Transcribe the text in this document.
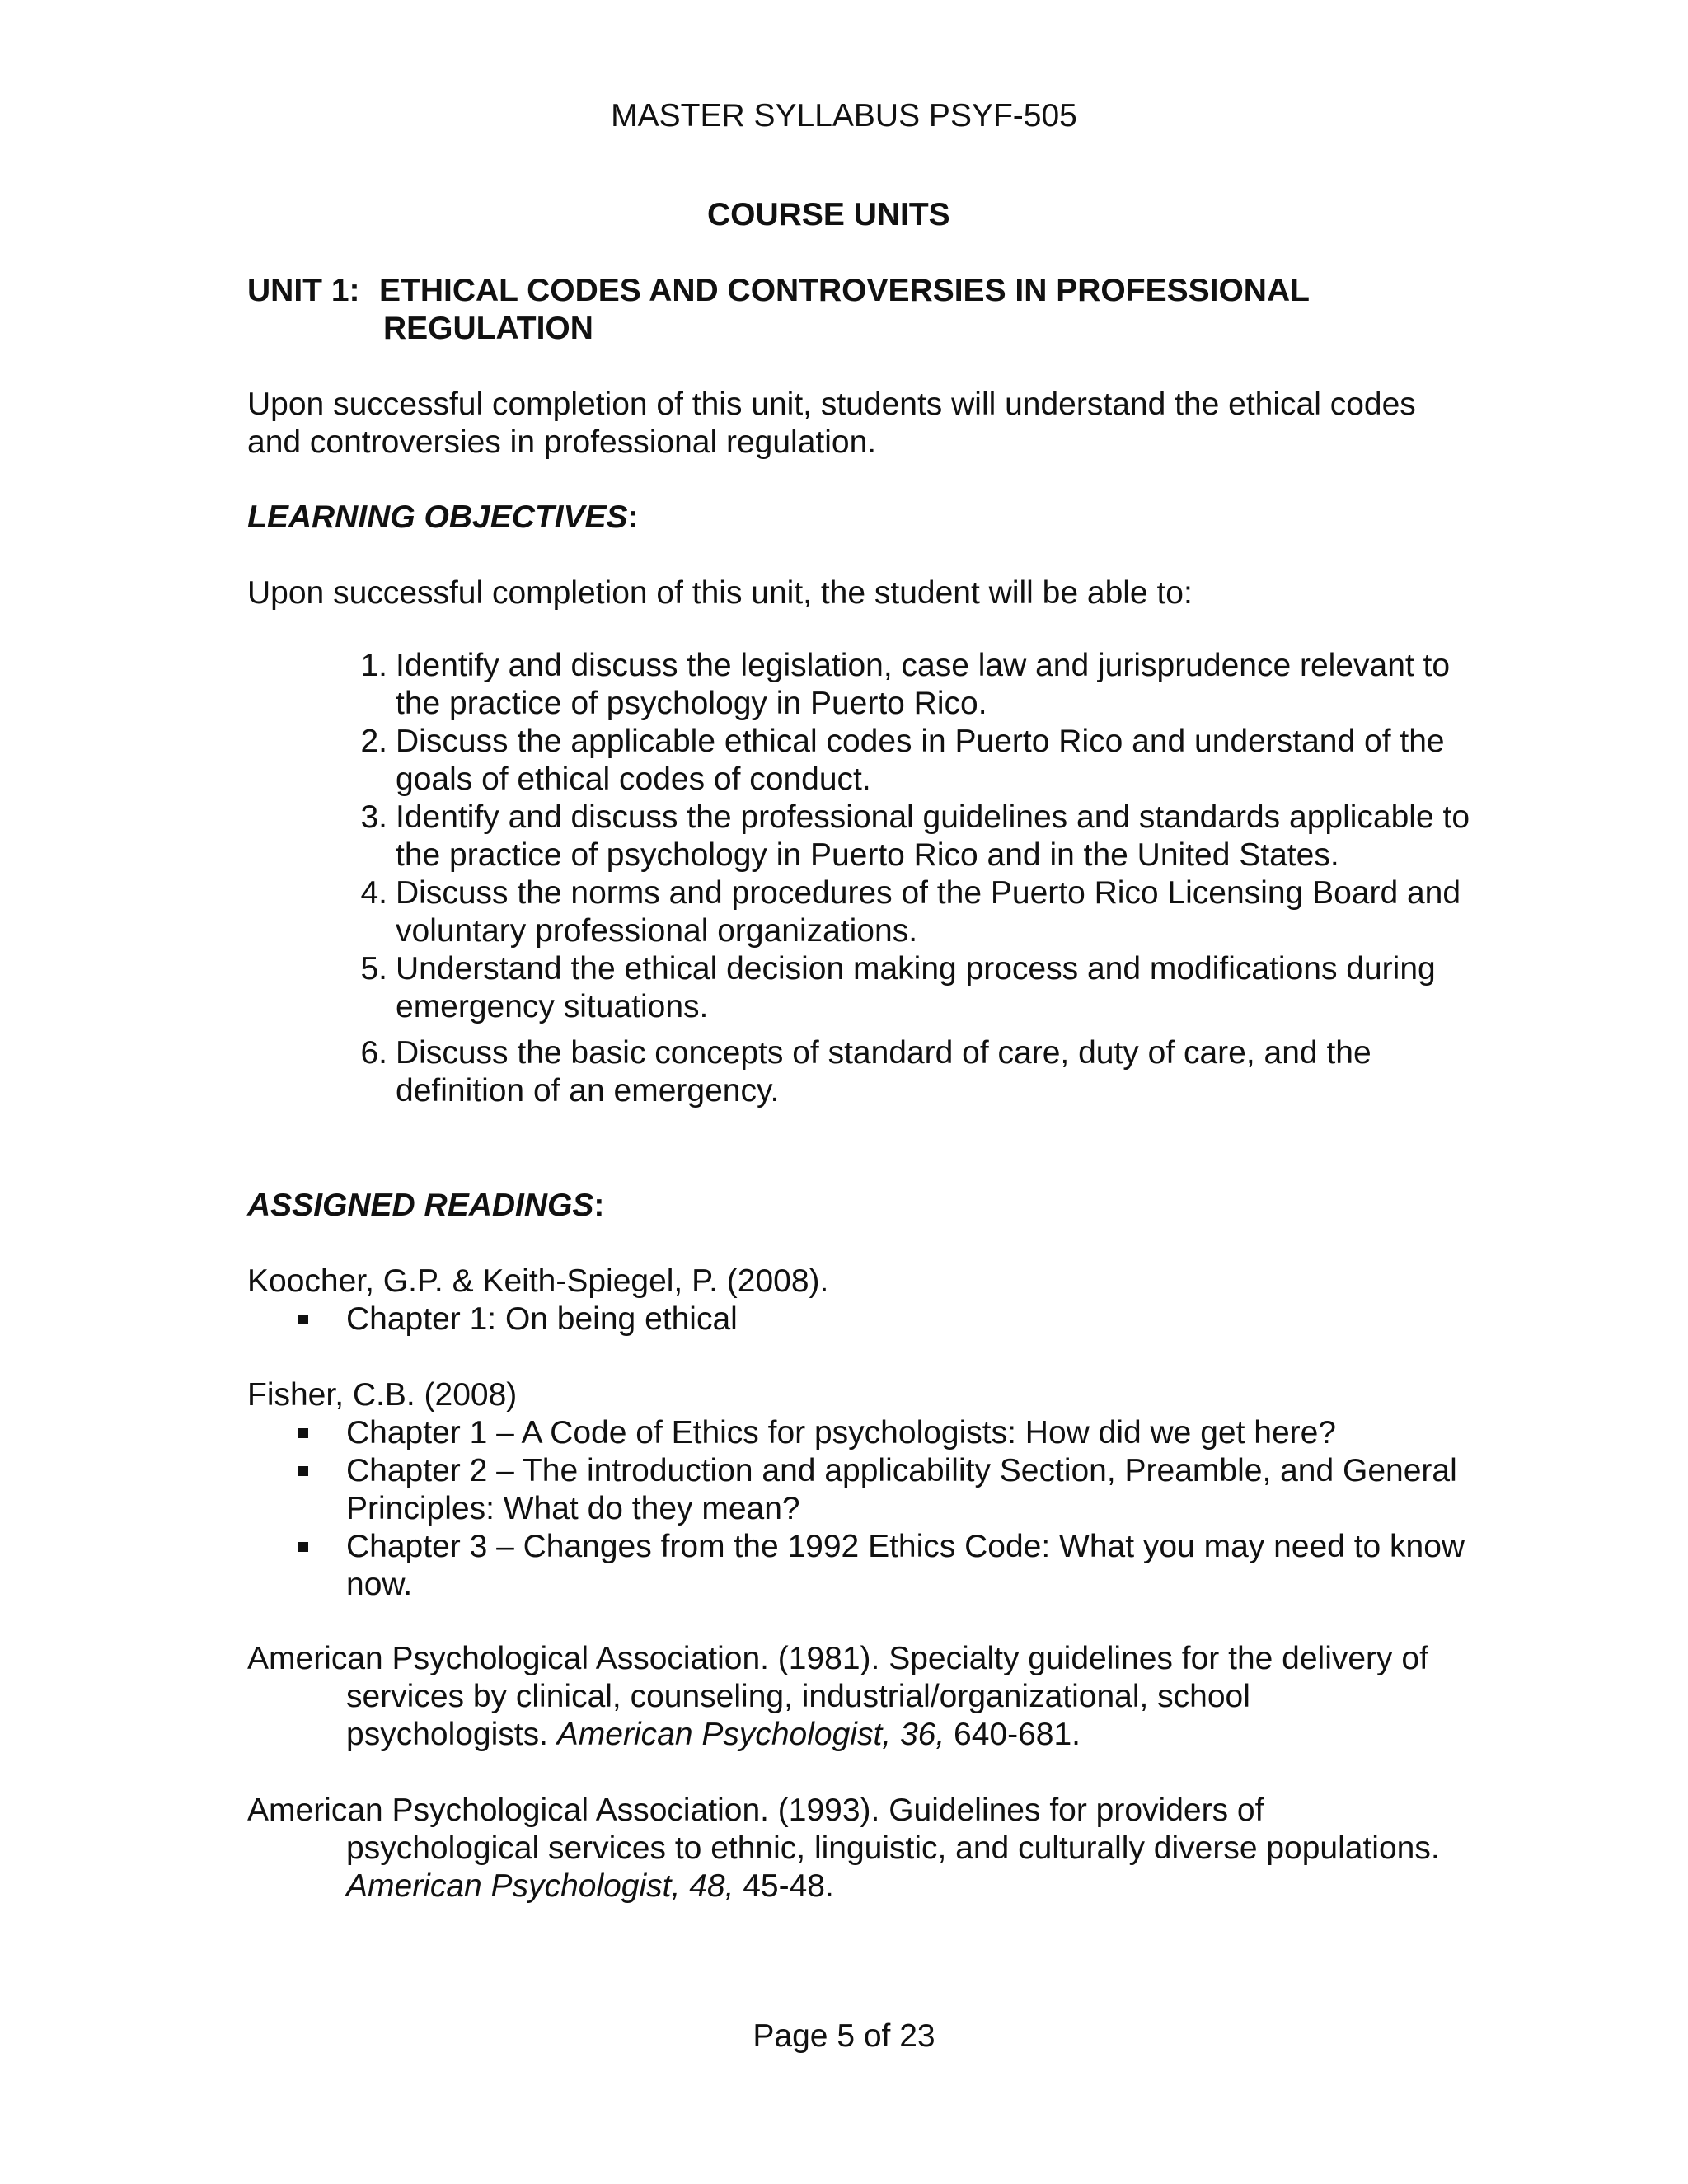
MASTER SYLLABUS PSYF-505

COURSE UNITS

UNIT 1: ETHICAL CODES AND CONTROVERSIES IN PROFESSIONAL
REGULATION

Upon successful completion of this unit, students will understand the ethical codes and controversies in professional regulation.

LEARNING OBJECTIVES:

Upon successful completion of this unit, the student will be able to:

1. Identify and discuss the legislation, case law and jurisprudence relevant to the practice of psychology in Puerto Rico.
2. Discuss the applicable ethical codes in Puerto Rico and understand of the goals of ethical codes of conduct.
3. Identify and discuss the professional guidelines and standards applicable to the practice of psychology in Puerto Rico and in the United States.
4. Discuss the norms and procedures of the Puerto Rico Licensing Board and voluntary professional organizations.
5. Understand the ethical decision making process and modifications during emergency situations.
6. Discuss the basic concepts of standard of care, duty of care, and the definition of an emergency.

ASSIGNED READINGS:

Koocher, G.P. & Keith-Spiegel, P. (2008).

Chapter 1: On being ethical

Fisher, C.B. (2008)

Chapter 1 – A Code of Ethics for psychologists: How did we get here?
Chapter 2 – The introduction and applicability Section, Preamble, and General Principles: What do they mean?
Chapter 3 – Changes from the 1992 Ethics Code: What you may need to know now.

American Psychological Association. (1981). Specialty guidelines for the delivery of services by clinical, counseling, industrial/organizational, school psychologists. American Psychologist, 36, 640-681.

American Psychological Association. (1993). Guidelines for providers of psychological services to ethnic, linguistic, and culturally diverse populations. American Psychologist, 48, 45-48.

Page 5 of 23
